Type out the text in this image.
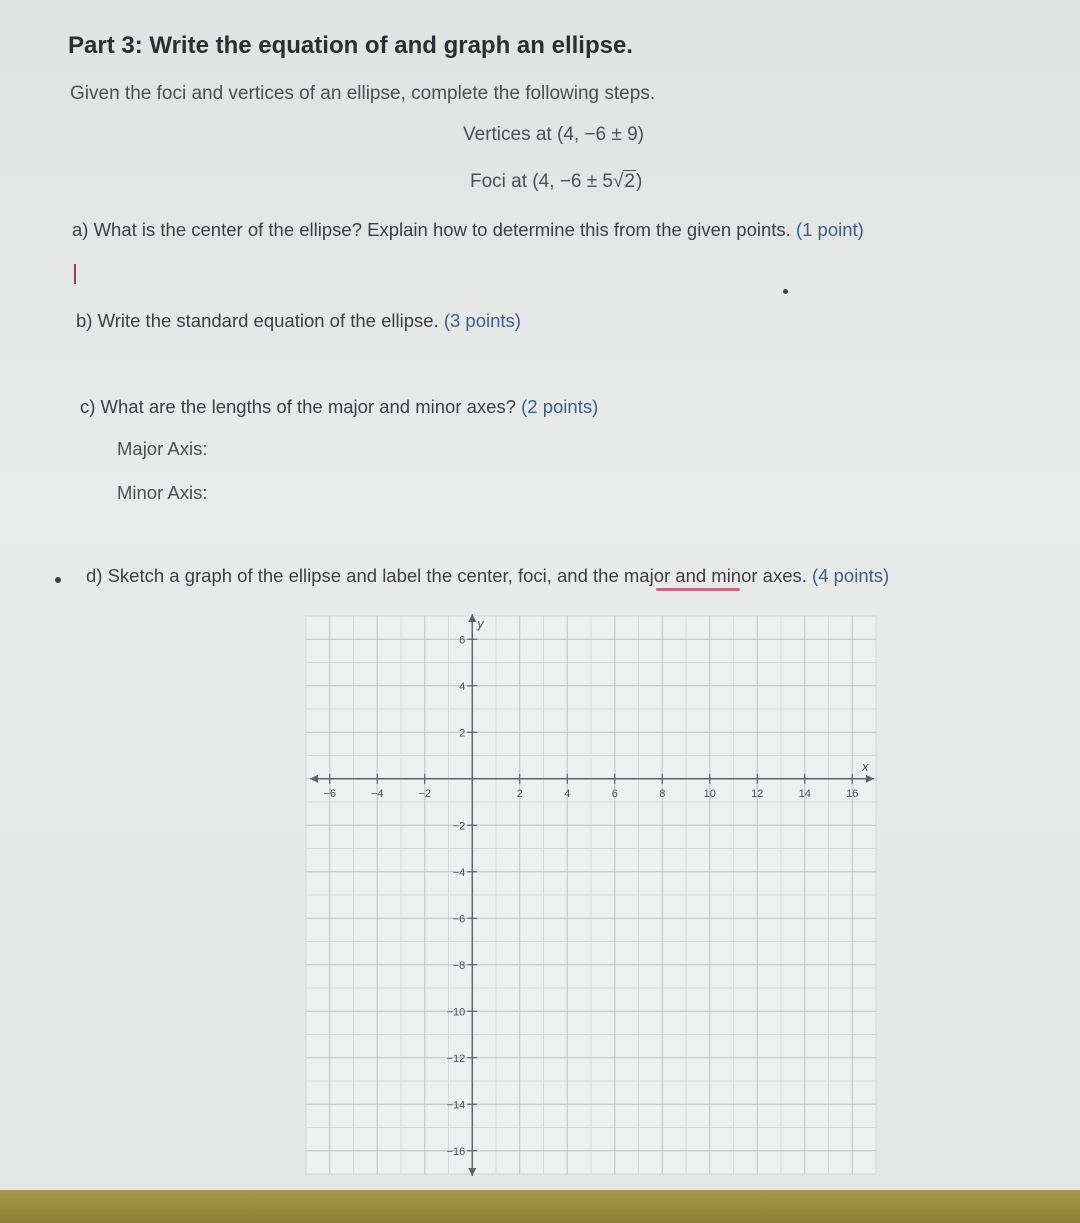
Part 3: Write the equation of and graph an ellipse.
Given the foci and vertices of an ellipse, complete the following steps.
Vertices at (4, −6 ± 9)
Foci at (4, −6 ± 5√2)
a) What is the center of the ellipse? Explain how to determine this from the given points. (1 point)
b) Write the standard equation of the ellipse. (3 points)
c) What are the lengths of the major and minor axes? (2 points)
Major Axis:
Minor Axis:
d) Sketch a graph of the ellipse and label the center, foci, and the major and minor axes. (4 points)
x
y
−6	−4	−2	2	4	6	8	10	12	14	16
6
4
2
−2
−4
−6
−8
−10
−12
−14
−16
